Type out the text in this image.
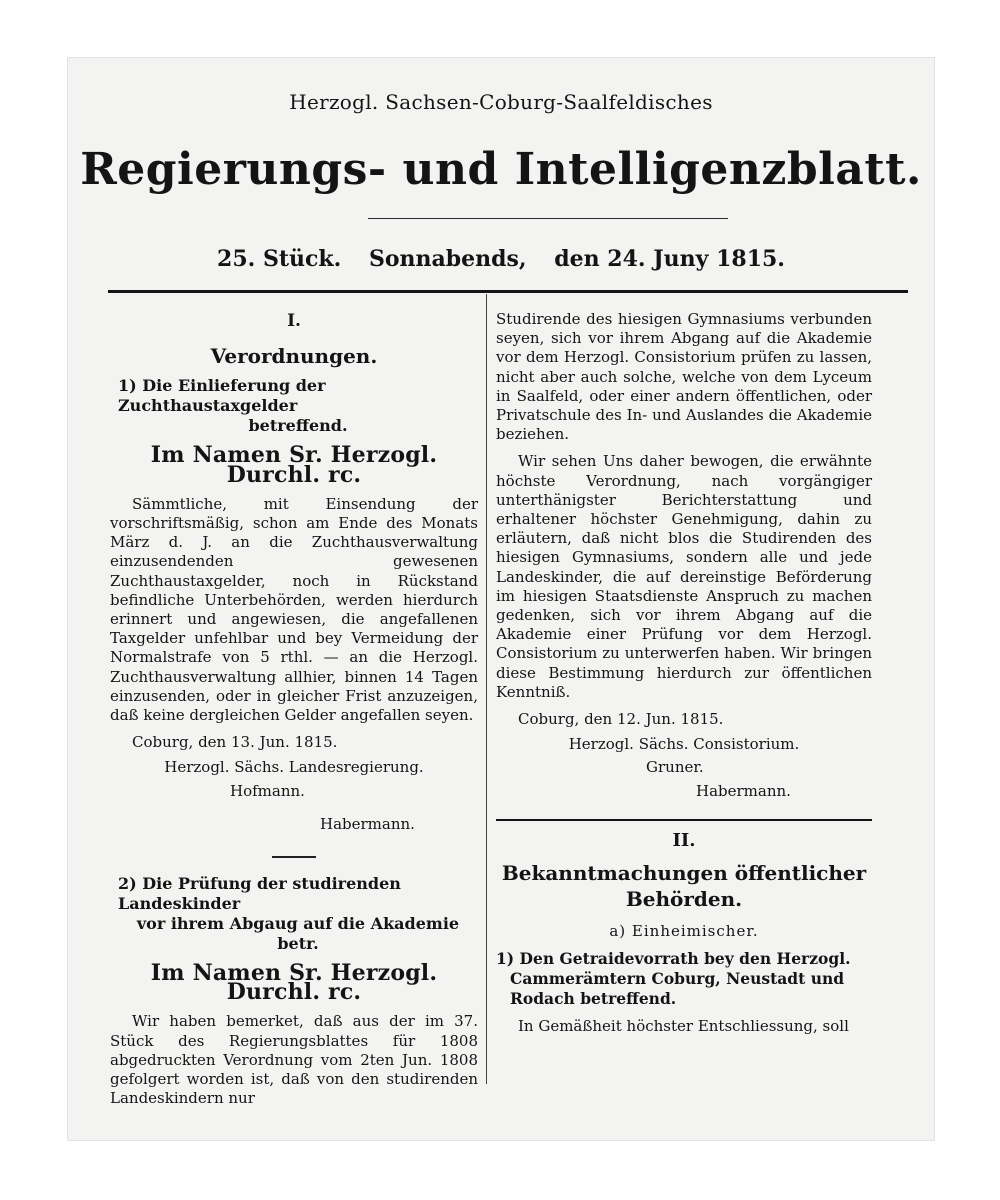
Herzogl. Sachsen-Coburg-Saalfeldisches
Regierungs- und Intelligenzblatt.
25. Stück. Sonnabends, den 24. Juny 1815.
I.
Verordnungen.
1) Die Einlieferung der Zuchthaustaxgelder
betreffend.
Im Namen Sr. Herzogl. Durchl. rc.
Sämmtliche, mit Einsendung der vorschriftsmäßig, schon am Ende des Monats März d. J. an die Zuchthausverwaltung einzusendenden gewesenen Zuchthaustaxgelder, noch in Rückstand befindliche Unterbehörden, werden hierdurch erinnert und angewiesen, die angefallenen Taxgelder unfehlbar und bey Vermeidung der Normalstrafe von 5 rthl. — an die Herzogl. Zuchthausverwaltung allhier, binnen 14 Tagen einzusenden, oder in gleicher Frist anzuzeigen, daß keine dergleichen Gelder angefallen seyen.
Coburg, den 13. Jun. 1815.
Herzogl. Sächs. Landesregierung.
Hofmann.
Habermann.
2) Die Prüfung der studirenden Landeskinder
vor ihrem Abgaug auf die Akademie betr.
Im Namen Sr. Herzogl. Durchl. rc.
Wir haben bemerket, daß aus der im 37. Stück des Regierungsblattes für 1808 abgedruckten Verordnung vom 2ten Jun. 1808 gefolgert worden ist, daß von den studirenden Landeskindern nur
Studirende des hiesigen Gymnasiums verbunden seyen, sich vor ihrem Abgang auf die Akademie vor dem Herzogl. Consistorium prüfen zu lassen, nicht aber auch solche, welche von dem Lyceum in Saalfeld, oder einer andern öffentlichen, oder Privatschule des In- und Auslandes die Akademie beziehen.
Wir sehen Uns daher bewogen, die erwähnte höchste Verordnung, nach vorgängiger unterthänigster Berichterstattung und erhaltener höchster Genehmigung, dahin zu erläutern, daß nicht blos die Studirenden des hiesigen Gymnasiums, sondern alle und jede Landeskinder, die auf dereinstige Beförderung im hiesigen Staatsdienste Anspruch zu machen gedenken, sich vor ihrem Abgang auf die Akademie einer Prüfung vor dem Herzogl. Consistorium zu unterwerfen haben. Wir bringen diese Bestimmung hierdurch zur öffentlichen Kenntniß.
Coburg, den 12. Jun. 1815.
Herzogl. Sächs. Consistorium.
Gruner.
Habermann.
II.
Bekanntmachungen öffentlicher
Behörden.
a) Einheimischer.
1) Den Getraidevorrath bey den Herzogl.
Cammerämtern Coburg, Neustadt und
Rodach betreffend.
In Gemäßheit höchster Entschliessung, soll
